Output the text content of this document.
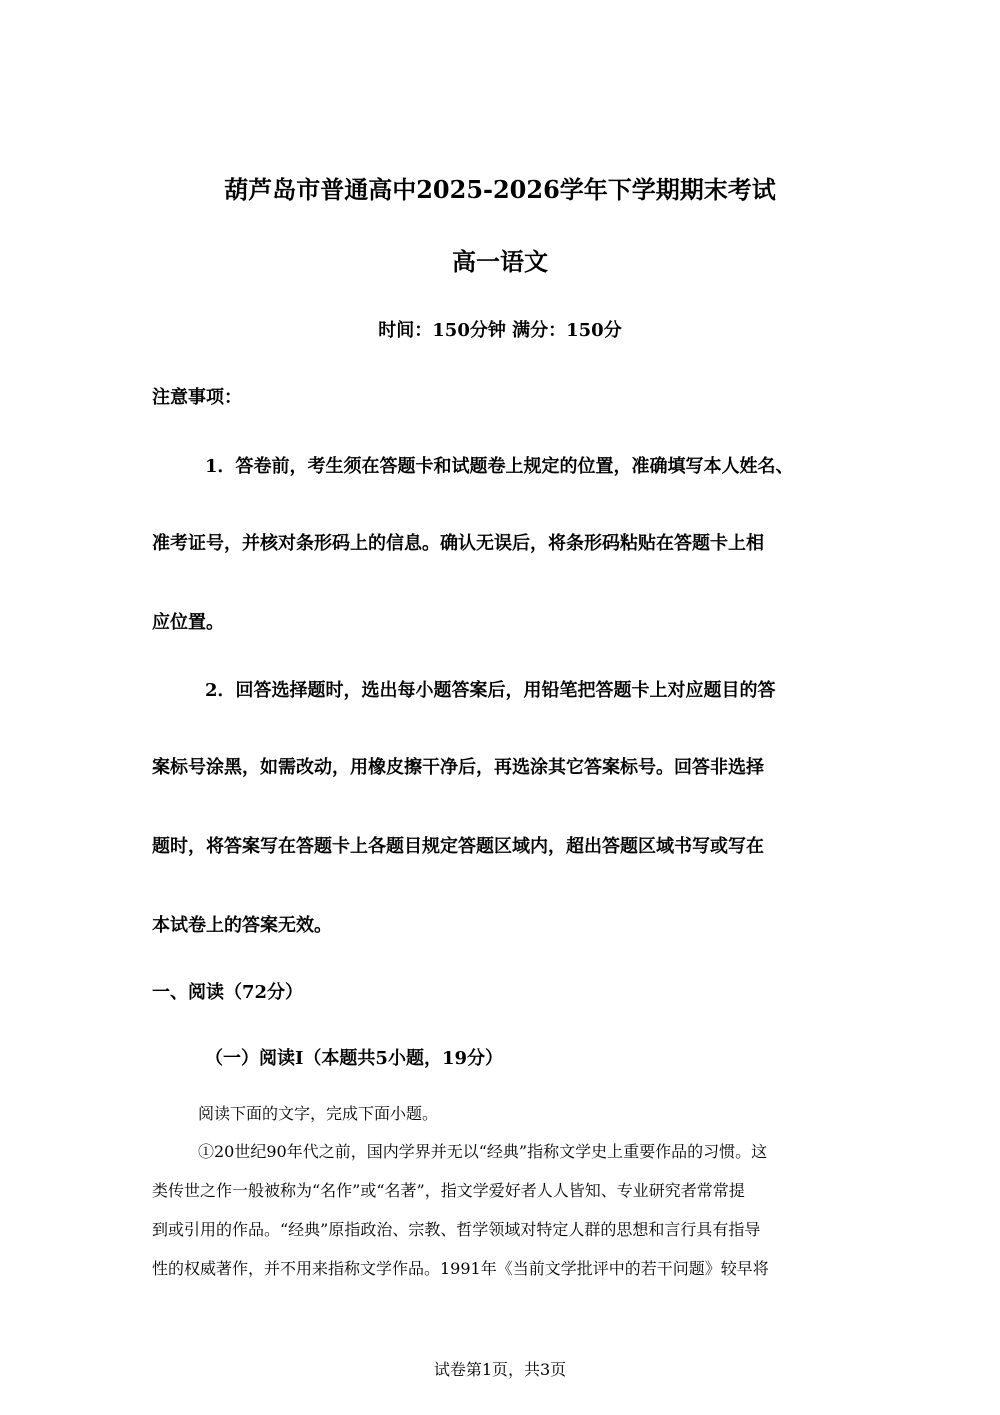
葫芦岛市普通高中2025-2026学年下学期期末考试
高一语文
时间：150分钟 满分：150分
注意事项：
1．答卷前，考生须在答题卡和试题卷上规定的位置，准确填写本人姓名、
准考证号，并核对条形码上的信息。确认无误后，将条形码粘贴在答题卡上相
应位置。
2．回答选择题时，选出每小题答案后，用铅笔把答题卡上对应题目的答
案标号涂黑，如需改动，用橡皮擦干净后，再选涂其它答案标号。回答非选择
题时，将答案写在答题卡上各题目规定答题区域内，超出答题区域书写或写在
本试卷上的答案无效。
一、阅读（72分）
（一）阅读Ⅰ（本题共5小题，19分）
阅读下面的文字，完成下面小题。
①20世纪90年代之前，国内学界并无以“经典”指称文学史上重要作品的习惯。这
类传世之作一般被称为“名作”或“名著”，指文学爱好者人人皆知、专业研究者常常提
到或引用的作品。“经典”原指政治、宗教、哲学领域对特定人群的思想和言行具有指导
性的权威著作，并不用来指称文学作品。1991年《当前文学批评中的若干问题》较早将
试卷第1页，共3页
